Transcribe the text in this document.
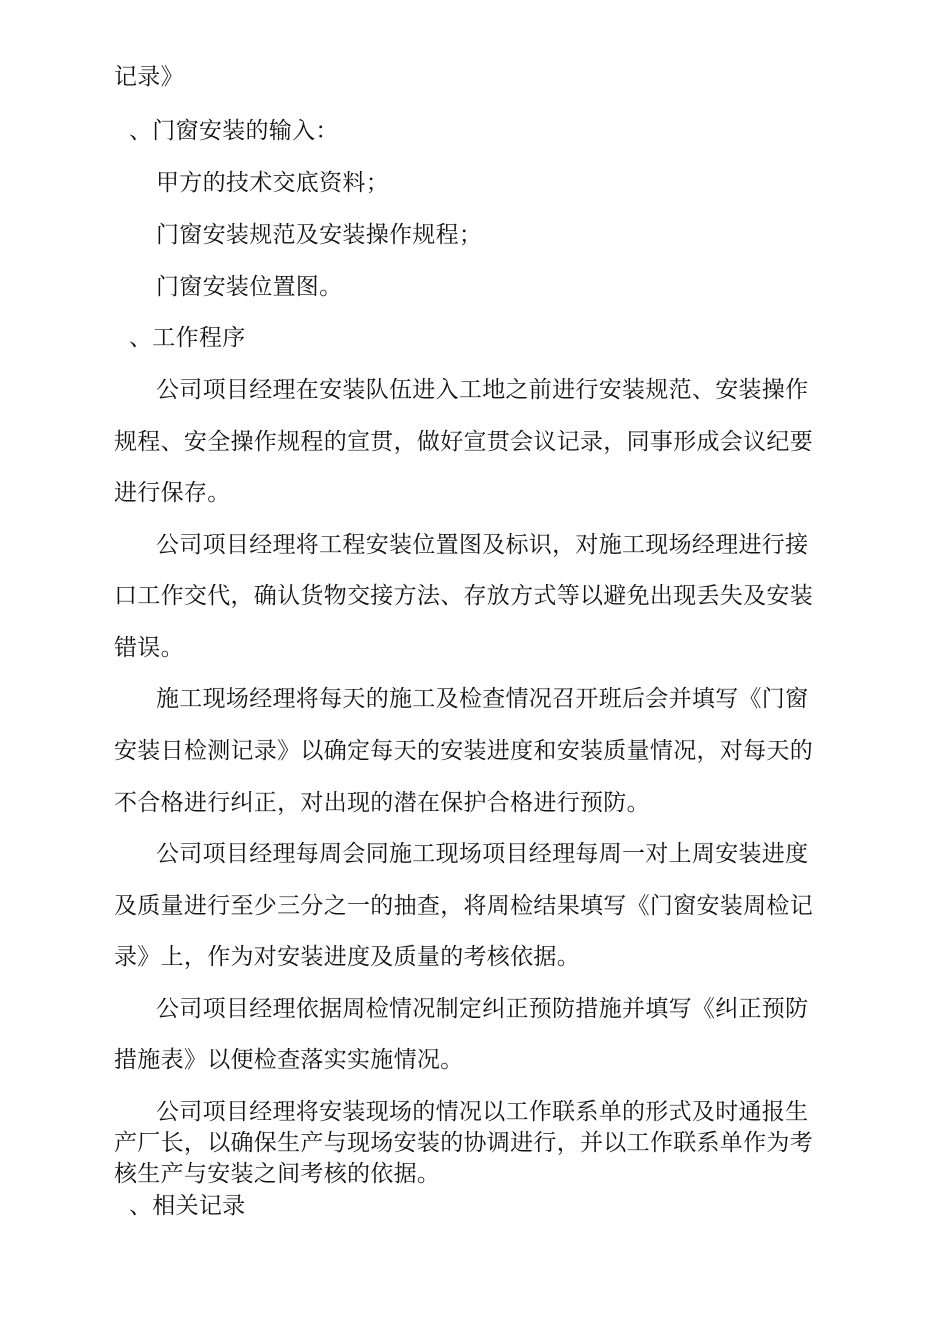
记录》
、门窗安装的输入：
甲方的技术交底资料；
门窗安装规范及安装操作规程；
门窗安装位置图。
、工作程序
公司项目经理在安装队伍进入工地之前进行安装规范、安装操作
规程、安全操作规程的宣贯，做好宣贯会议记录，同事形成会议纪要
进行保存。
公司项目经理将工程安装位置图及标识，对施工现场经理进行接
口工作交代，确认货物交接方法、存放方式等以避免出现丢失及安装
错误。
施工现场经理将每天的施工及检查情况召开班后会并填写《门窗
安装日检测记录》以确定每天的安装进度和安装质量情况，对每天的
不合格进行纠正，对出现的潜在保护合格进行预防。
公司项目经理每周会同施工现场项目经理每周一对上周安装进度
及质量进行至少三分之一的抽查，将周检结果填写《门窗安装周检记
录》上，作为对安装进度及质量的考核依据。
公司项目经理依据周检情况制定纠正预防措施并填写《纠正预防
措施表》以便检查落实实施情况。
公司项目经理将安装现场的情况以工作联系单的形式及时通报生
产厂长，以确保生产与现场安装的协调进行，并以工作联系单作为考
核生产与安装之间考核的依据。
、相关记录
